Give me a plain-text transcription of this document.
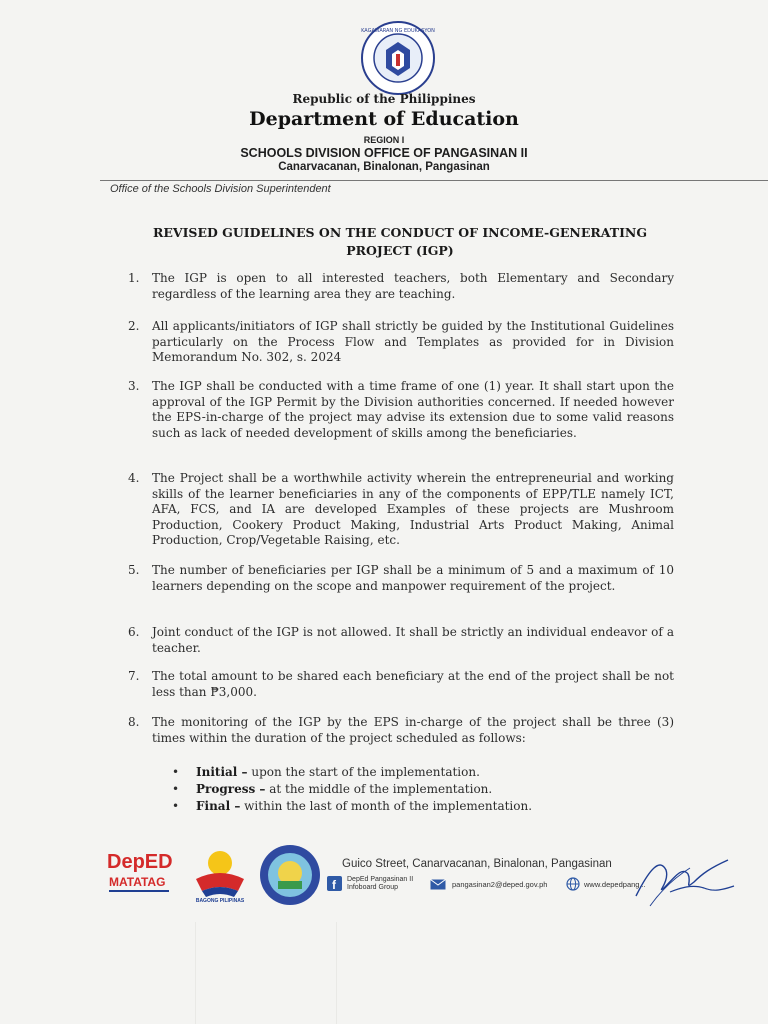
KAGAWARAN NG EDUKASYON
Republic of the Philippines
Department of Education
REGION I
SCHOOLS DIVISION OFFICE OF PANGASINAN II
Canarvacanan, Binalonan, Pangasinan
Office of the Schools Division Superintendent
REVISED GUIDELINES ON THE CONDUCT OF INCOME-GENERATING
PROJECT (IGP)
1. The IGP is open to all interested teachers, both Elementary and Secondary regardless of the learning area they are teaching.
2. All applicants/initiators of IGP shall strictly be guided by the Institutional Guidelines particularly on the Process Flow and Templates as provided for in Division Memorandum No. 302, s. 2024
3. The IGP shall be conducted with a time frame of one (1) year. It shall start upon the approval of the IGP Permit by the Division authorities concerned. If needed however the EPS-in-charge of the project may advise its extension due to some valid reasons such as lack of needed development of skills among the beneficiaries.
4. The Project shall be a worthwhile activity wherein the entrepreneurial and working skills of the learner beneficiaries in any of the components of EPP/TLE namely ICT, AFA, FCS, and IA are developed Examples of these projects are Mushroom Production, Cookery Product Making, Industrial Arts Product Making, Animal Production, Crop/Vegetable Raising, etc.
5. The number of beneficiaries per IGP shall be a minimum of 5 and a maximum of 10 learners depending on the scope and manpower requirement of the project.
6. Joint conduct of the IGP is not allowed. It shall be strictly an individual endeavor of a teacher.
7. The total amount to be shared each beneficiary at the end of the project shall be not less than ₱3,000.
8. The monitoring of the IGP by the EPS in-charge of the project shall be three (3) times within the duration of the project scheduled as follows:
• Initial – upon the start of the implementation.
• Progress – at the middle of the implementation.
• Final – within the last of month of the implementation.
DepED
MATATAG
BAGONG PILIPINAS
Guico Street, Canarvacanan, Binalonan, Pangasinan
f DepEd Pangasinan II
Infoboard Group	pangasinan2@deped.gov.ph	www.depedpang...
